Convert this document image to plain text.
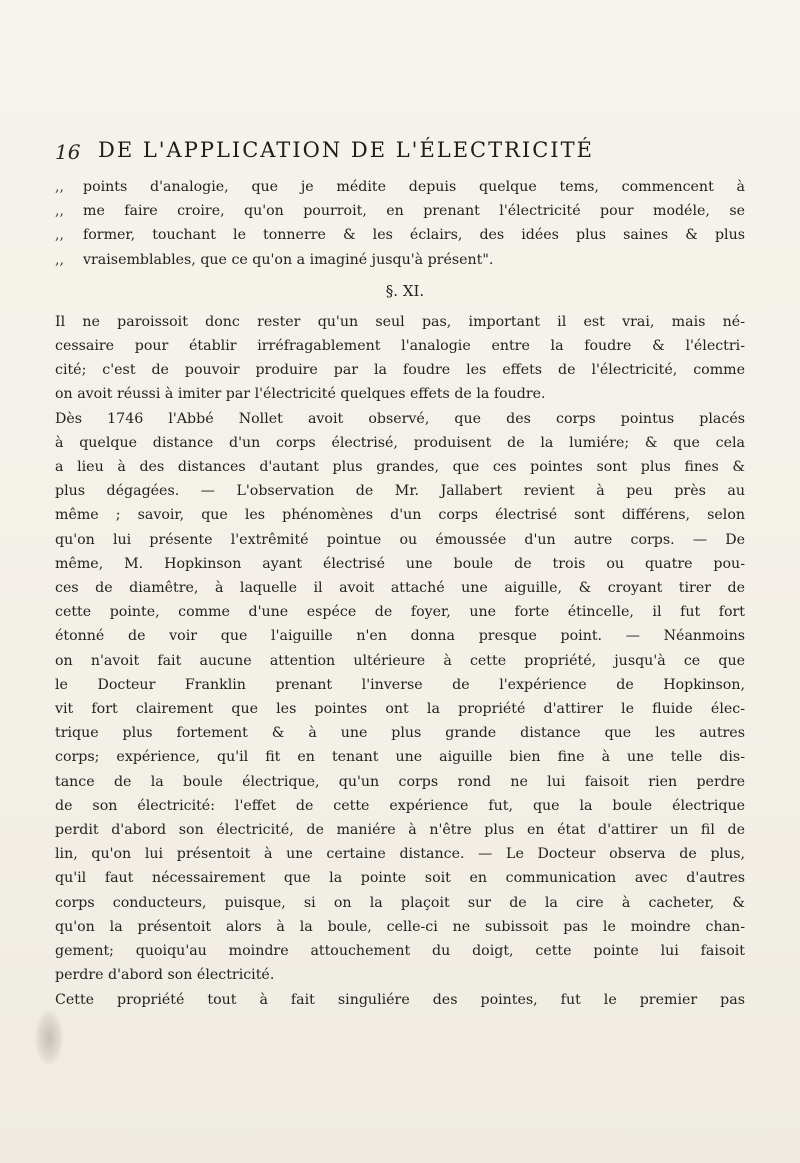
16 DE L'APPLICATION DE L'ÉLECTRICITÉ
,,	points d'analogie, que je médite depuis quelque tems, commencent à
,,	me faire croire, qu'on pourroit, en prenant l'électricité pour modéle, se
,,	former, touchant le tonnerre & les éclairs, des idées plus saines & plus
,,	vraisemblables, que ce qu'on a imaginé jusqu'à présent".
§. XI.
Il ne paroissoit donc rester qu'un seul pas, important il est vrai, mais né-
cessaire pour établir irréfragablement l'analogie entre la foudre & l'électri-
cité; c'est de pouvoir produire par la foudre les effets de l'électricité, comme
on avoit réussi à imiter par l'électricité quelques effets de la foudre.
Dès 1746 l'Abbé Nollet avoit observé, que des corps pointus placés
à quelque distance d'un corps électrisé, produisent de la lumiére; & que cela
a lieu à des distances d'autant plus grandes, que ces pointes sont plus fines &
plus dégagées. — L'observation de Mr. Jallabert revient à peu près au
même ; savoir, que les phénomènes d'un corps électrisé sont différens, selon
qu'on lui présente l'extrêmité pointue ou émoussée d'un autre corps. — De
même, M. Hopkinson ayant électrisé une boule de trois ou quatre pou-
ces de diamêtre, à laquelle il avoit attaché une aiguille, & croyant tirer de
cette pointe, comme d'une espéce de foyer, une forte étincelle, il fut fort
étonné de voir que l'aiguille n'en donna presque point. — Néanmoins
on n'avoit fait aucune attention ultérieure à cette propriété, jusqu'à ce que
le Docteur Franklin prenant l'inverse de l'expérience de Hopkinson,
vit fort clairement que les pointes ont la propriété d'attirer le fluide élec-
trique plus fortement & à une plus grande distance que les autres
corps; expérience, qu'il fit en tenant une aiguille bien fine à une telle dis-
tance de la boule électrique, qu'un corps rond ne lui faisoit rien perdre
de son électricité: l'effet de cette expérience fut, que la boule électrique
perdit d'abord son électricité, de maniére à n'être plus en état d'attirer un fil de
lin, qu'on lui présentoit à une certaine distance. — Le Docteur observa de plus,
qu'il faut nécessairement que la pointe soit en communication avec d'autres
corps conducteurs, puisque, si on la plaçoit sur de la cire à cacheter, &
qu'on la présentoit alors à la boule, celle-ci ne subissoit pas le moindre chan-
gement; quoiqu'au moindre attouchement du doigt, cette pointe lui faisoit
perdre d'abord son électricité.
Cette propriété tout à fait singuliére des pointes, fut le premier pas
